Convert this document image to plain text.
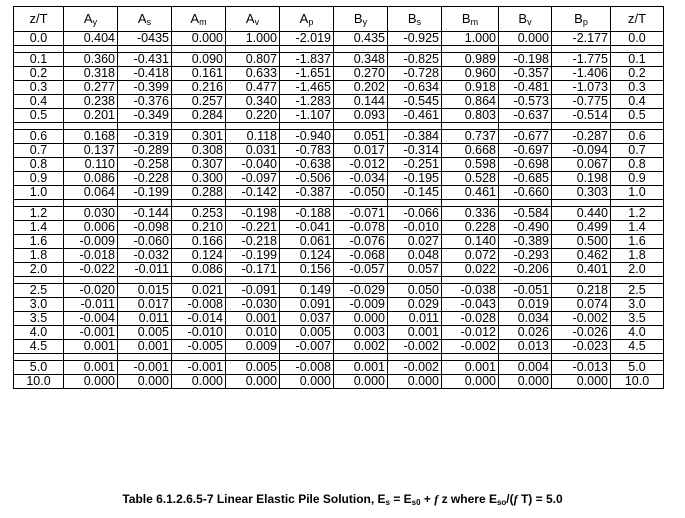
z/T	$A_y$	$A_s$	$A_m$	$A_v$	$A_p$	$B_y$	$B_s$	$B_m$	$B_v$	$B_p$	z/T
0.0	0.404	-0435	0.000	1.000	-2.019	0.435	-0.925	1.000	0.000	-2.177	0.0

0.1	0.360	-0.431	0.090	0.807	-1.837	0.348	-0.825	0.989	-0.198	-1.775	0.1
0.2	0.318	-0.418	0.161	0.633	-1.651	0.270	-0.728	0.960	-0.357	-1.406	0.2
0.3	0.277	-0.399	0.216	0.477	-1.465	0.202	-0.634	0.918	-0.481	-1.073	0.3
0.4	0.238	-0.376	0.257	0.340	-1.283	0.144	-0.545	0.864	-0.573	-0.775	0.4
0.5	0.201	-0.349	0.284	0.220	-1.107	0.093	-0.461	0.803	-0.637	-0.514	0.5

0.6	0.168	-0.319	0.301	0.118	-0.940	0.051	-0.384	0.737	-0.677	-0.287	0.6
0.7	0.137	-0.289	0.308	0.031	-0.783	0.017	-0.314	0.668	-0.697	-0.094	0.7
0.8	0.110	-0.258	0.307	-0.040	-0.638	-0.012	-0.251	0.598	-0.698	0.067	0.8
0.9	0.086	-0.228	0.300	-0.097	-0.506	-0.034	-0.195	0.528	-0.685	0.198	0.9
1.0	0.064	-0.199	0.288	-0.142	-0.387	-0.050	-0.145	0.461	-0.660	0.303	1.0

1.2	0.030	-0.144	0.253	-0.198	-0.188	-0.071	-0.066	0.336	-0.584	0.440	1.2
1.4	0.006	-0.098	0.210	-0.221	-0.041	-0.078	-0.010	0.228	-0.490	0.499	1.4
1.6	-0.009	-0.060	0.166	-0.218	0.061	-0.076	0.027	0.140	-0.389	0.500	1.6
1.8	-0.018	-0.032	0.124	-0.199	0.124	-0.068	0.048	0.072	-0.293	0.462	1.8
2.0	-0.022	-0.011	0.086	-0.171	0.156	-0.057	0.057	0.022	-0.206	0.401	2.0

2.5	-0.020	0.015	0.021	-0.091	0.149	-0.029	0.050	-0.038	-0.051	0.218	2.5
3.0	-0.011	0.017	-0.008	-0.030	0.091	-0.009	0.029	-0.043	0.019	0.074	3.0
3.5	-0.004	0.011	-0.014	0.001	0.037	0.000	0.011	-0.028	0.034	-0.002	3.5
4.0	-0.001	0.005	-0.010	0.010	0.005	0.003	0.001	-0.012	0.026	-0.026	4.0
4.5	0.001	0.001	-0.005	0.009	-0.007	0.002	-0.002	-0.002	0.013	-0.023	4.5

5.0	0.001	-0.001	-0.001	0.005	-0.008	0.001	-0.002	0.001	0.004	-0.013	5.0
10.0	0.000	0.000	0.000	0.000	0.000	0.000	0.000	0.000	0.000	0.000	10.0
Table 6.1.2.6.5-7 Linear Elastic Pile Solution, $E_s = E_{s0} + f$ z where $E_{so}/(f$ T) = 5.0
